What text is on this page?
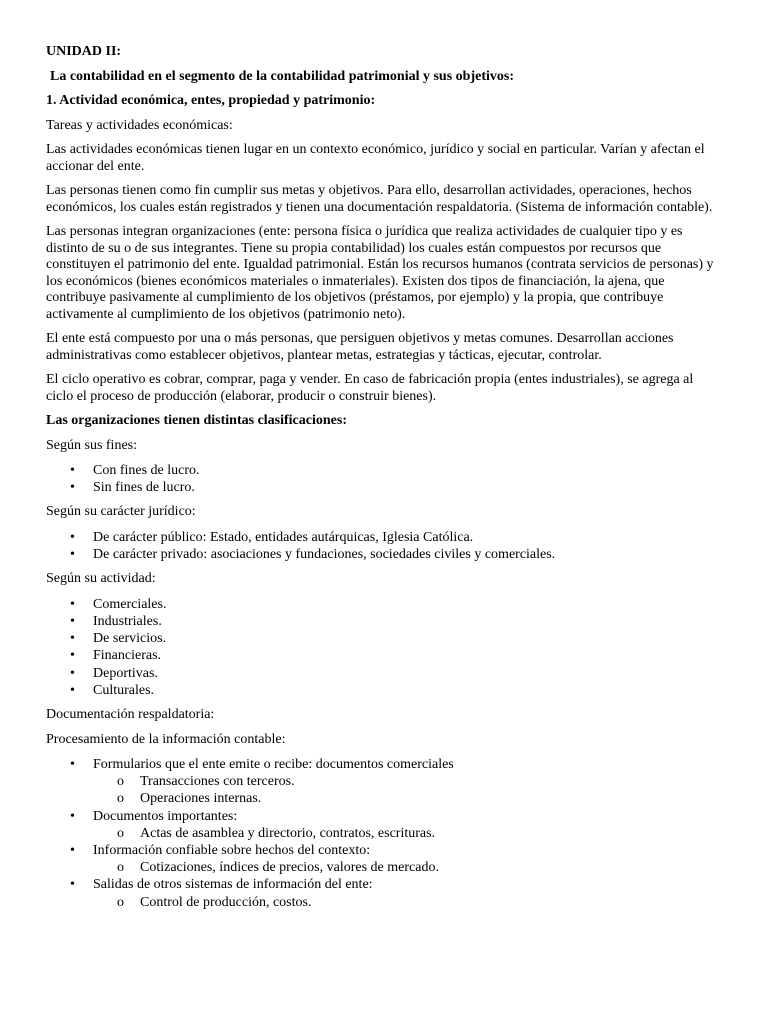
UNIDAD II:

La contabilidad en el segmento de la contabilidad patrimonial y sus objetivos:

1. Actividad económica, entes, propiedad y patrimonio:

Tareas y actividades económicas:

Las actividades económicas tienen lugar en un contexto económico, jurídico y social en particular. Varían y afectan el accionar del ente.

Las personas tienen como fin cumplir sus metas y objetivos. Para ello, desarrollan actividades, operaciones, hechos económicos, los cuales están registrados y tienen una documentación respaldatoria. (Sistema de información contable).

Las personas integran organizaciones (ente: persona física o jurídica que realiza actividades de cualquier tipo y es distinto de su o de sus integrantes. Tiene su propia contabilidad) los cuales están compuestos por recursos que constituyen el patrimonio del ente. Igualdad patrimonial. Están los recursos humanos (contrata servicios de personas) y los económicos (bienes económicos materiales o inmateriales). Existen dos tipos de financiación, la ajena, que contribuye pasivamente al cumplimiento de los objetivos (préstamos, por ejemplo) y la propia, que contribuye activamente al cumplimiento de los objetivos (patrimonio neto).

El ente está compuesto por una o más personas, que persiguen objetivos y metas comunes. Desarrollan acciones administrativas como establecer objetivos, plantear metas, estrategias y tácticas, ejecutar, controlar.

El ciclo operativo es cobrar, comprar, paga y vender. En caso de fabricación propia (entes industriales), se agrega al ciclo el proceso de producción (elaborar, producir o construir bienes).

Las organizaciones tienen distintas clasificaciones:

Según sus fines:

• Con fines de lucro.
• Sin fines de lucro.

Según su carácter jurídico:

• De carácter público: Estado, entidades autárquicas, Iglesia Católica.
• De carácter privado: asociaciones y fundaciones, sociedades civiles y comerciales.

Según su actividad:

• Comerciales.
• Industriales.
• De servicios.
• Financieras.
• Deportivas.
• Culturales.

Documentación respaldatoria:

Procesamiento de la información contable:

• Formularios que el ente emite o recibe: documentos comerciales
o Transacciones con terceros.
o Operaciones internas.
• Documentos importantes:
o Actas de asamblea y directorio, contratos, escrituras.
• Información confiable sobre hechos del contexto:
o Cotizaciones, índices de precios, valores de mercado.
• Salidas de otros sistemas de información del ente:
o Control de producción, costos.
